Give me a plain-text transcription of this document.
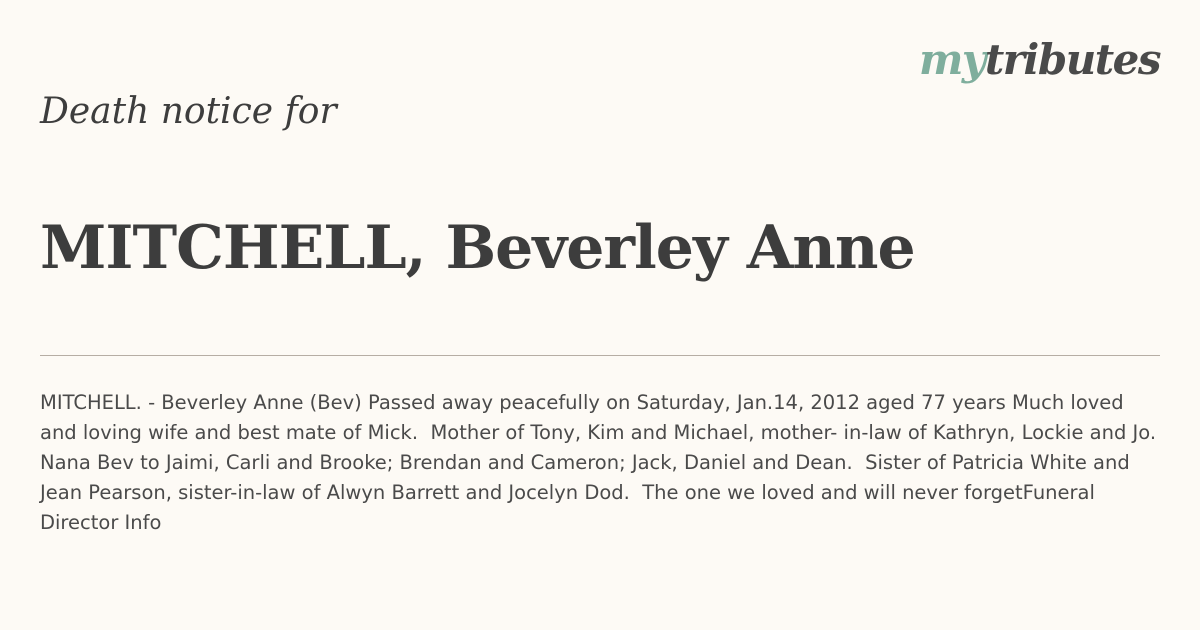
mytributes
Death notice for
MITCHELL, Beverley Anne

MITCHELL. - Beverley Anne (Bev) Passed away peacefully on Saturday, Jan.14, 2012 aged 77 years Much loved and loving wife and best mate of Mick.  Mother of Tony, Kim and Michael, mother- in-law of Kathryn, Lockie and Jo.  Nana Bev to Jaimi, Carli and Brooke; Brendan and Cameron; Jack, Daniel and Dean.  Sister of Patricia White and Jean Pearson, sister-in-law of Alwyn Barrett and Jocelyn Dod.  The one we loved and will never forgetFuneral Director Info
